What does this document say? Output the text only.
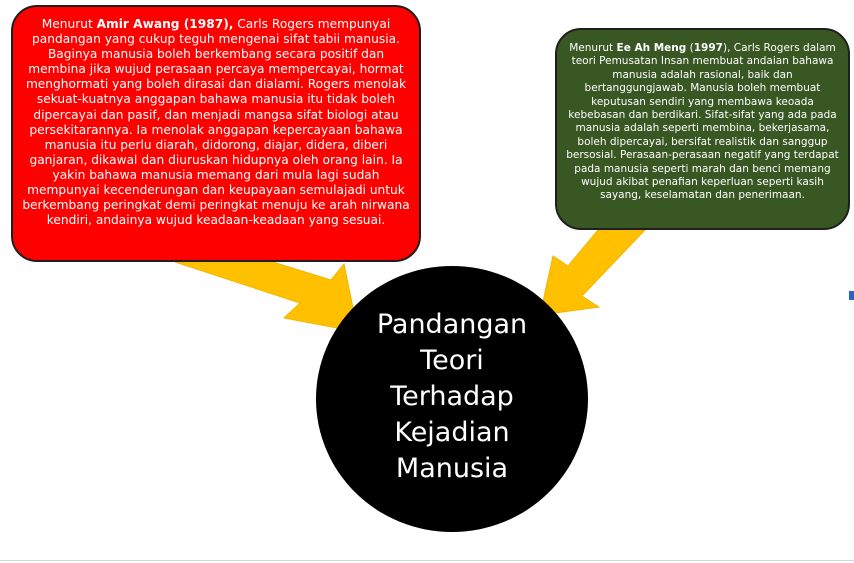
Menurut Amir Awang (1987), Carls Rogers mempunyai pandangan yang cukup teguh mengenai sifat tabii manusia. Baginya manusia boleh berkembang secara positif dan membina jika wujud perasaan percaya mempercayai, hormat menghormati yang boleh dirasai dan dialami. Rogers menolak sekuat-kuatnya anggapan bahawa manusia itu tidak boleh dipercayai dan pasif, dan menjadi mangsa sifat biologi atau persekitarannya. Ia menolak anggapan kepercayaan bahawa manusia itu perlu diarah, didorong, diajar, didera, diberi ganjaran, dikawal dan diuruskan hidupnya oleh orang lain. Ia yakin bahawa manusia memang dari mula lagi sudah mempunyai kecenderungan dan keupayaan semulajadi untuk berkembang peringkat demi peringkat menuju ke arah nirwana kendiri, andainya wujud keadaan-keadaan yang sesuai.
Menurut Ee Ah Meng (1997), Carls Rogers dalam teori Pemusatan Insan membuat andaian bahawa manusia adalah rasional, baik dan bertanggungjawab. Manusia boleh membuat keputusan sendiri yang membawa keoada kebebasan dan berdikari. Sifat-sifat yang ada pada manusia adalah seperti membina, bekerjasama, boleh dipercayai, bersifat realistik dan sanggup bersosial. Perasaan-perasaan negatif yang terdapat pada manusia seperti marah dan benci memang wujud akibat penafian keperluan seperti kasih sayang, keselamatan dan penerimaan.
Pandangan Teori Terhadap Kejadian Manusia
